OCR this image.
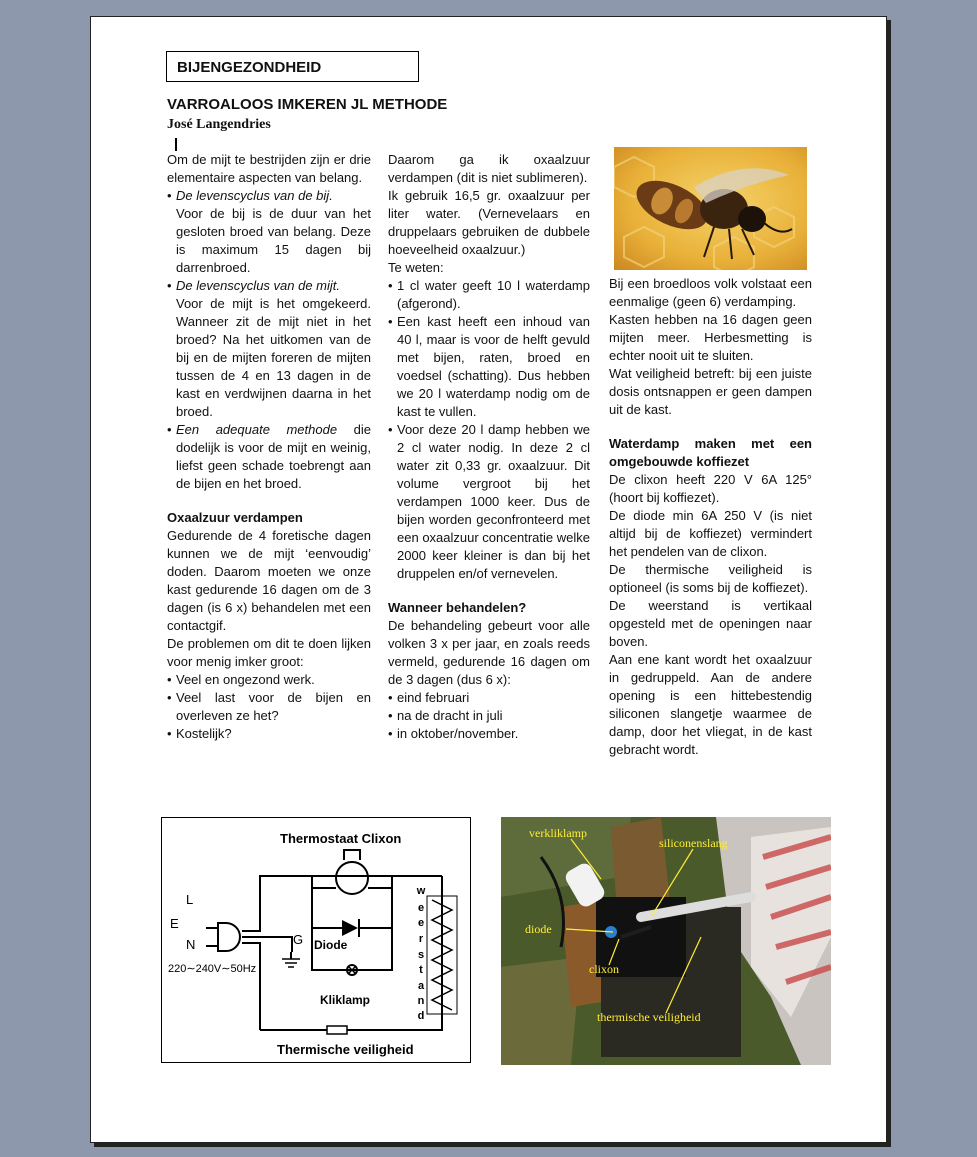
BIJENGEZONDHEID
VARROALOOS IMKEREN JL METHODE
José Langendries

Om de mijt te bestrijden zijn er drie elementaire aspecten van belang.

• De levenscyclus van de bij.

Voor de bij is de duur van het gesloten broed van belang. Deze is maximum 15 dagen bij darrenbroed.

• De levenscyclus van de mijt.

Voor de mijt is het omgekeerd. Wanneer zit de mijt niet in het broed? Na het uitkomen van de bij en de mijten foreren de mijten tussen de 4 en 13 dagen in de kast en verdwijnen daarna in het broed.

• Een adequate methode die dodelijk is voor de mijt en weinig, liefst geen schade toebrengt aan de bijen en het broed.

Oxaalzuur verdampen

Gedurende de 4 foretische dagen kunnen we de mijt ‘eenvoudig’ doden. Daarom moeten we onze kast gedurende 16 dagen om de 3 dagen (is 6 x) behandelen met een contactgif.

De problemen om dit te doen lijken voor menig imker groot:

• Veel en ongezond werk.

• Veel last voor de bijen en overleven ze het?

• Kostelijk?

Daarom ga ik oxaalzuur verdampen (dit is niet sublimeren).

Ik gebruik 16,5 gr. oxaalzuur per liter water. (Vernevelaars en druppelaars gebruiken de dubbele hoeveelheid oxaalzuur.)

Te weten:

• 1 cl water geeft 10 l waterdamp (afgerond).

• Een kast heeft een inhoud van 40 l, maar is voor de helft gevuld met bijen, raten, broed en voedsel (schatting). Dus hebben we 20 l waterdamp nodig om de kast te vullen.

• Voor deze 20 l damp hebben we 2 cl water nodig. In deze 2 cl water zit 0,33 gr. oxaalzuur. Dit volume vergroot bij het verdampen 1000 keer. Dus de bijen worden geconfronteerd met een oxaalzuur concentratie welke 2000 keer kleiner is dan bij het druppelen en/of vernevelen.

Wanneer behandelen?

De behandeling gebeurt voor alle volken 3 x per jaar, en zoals reeds vermeld, gedurende 16 dagen om de 3 dagen (dus 6 x):

• eind februari

• na de dracht in juli

• in oktober/november.

Bij een broedloos volk volstaat een eenmalige (geen 6) verdamping.

Kasten hebben na 16 dagen geen mijten meer. Herbesmetting is echter nooit uit te sluiten.

Wat veiligheid betreft: bij een juiste dosis ontsnappen er geen dampen uit de kast.

Waterdamp maken met een omgebouwde koffiezet

De clixon heeft 220 V 6A 125° (hoort bij koffiezet).

De diode min 6A 250 V (is niet altijd bij de koffiezet) vermindert het pendelen van de clixon.

De thermische veiligheid is optioneel (is soms bij de koffiezet).

De weerstand is vertikaal opgesteld met de openingen naar boven.

Aan ene kant wordt het oxaalzuur in gedruppeld. Aan de andere opening is een hittebestendig siliconen slangetje waarmee de damp, door het vliegat, in de kast gebracht wordt.

Thermostaat Clixon
L
E
N	G
220∼240V∼50Hz
Diode
Kliklamp
Thermische veiligheid
w
e
e
r
s
t
a
n
d
verkliklamp
siliconenslang
diode
clixon
thermische veiligheid
